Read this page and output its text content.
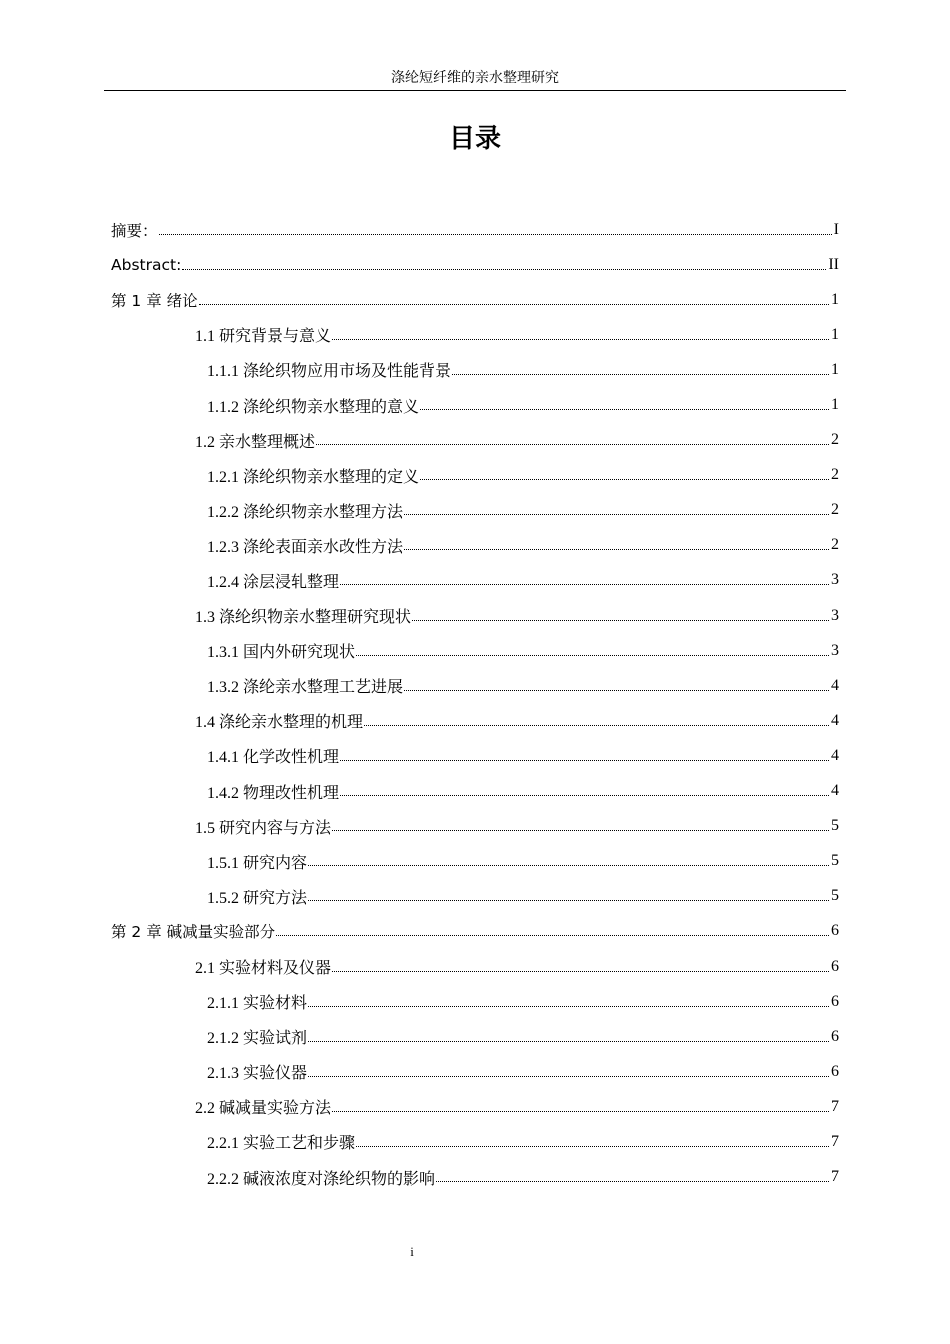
涤纶短纤维的亲水整理研究
目录
摘要：	I
Abstract:	II
第 1 章 绪论	1
1.1 研究背景与意义	1
1.1.1 涤纶织物应用市场及性能背景	1
1.1.2 涤纶织物亲水整理的意义	1
1.2 亲水整理概述	2
1.2.1 涤纶织物亲水整理的定义	2
1.2.2 涤纶织物亲水整理方法	2
1.2.3 涤纶表面亲水改性方法	2
1.2.4 涂层浸轧整理	3
1.3 涤纶织物亲水整理研究现状	3
1.3.1 国内外研究现状	3
1.3.2 涤纶亲水整理工艺进展	4
1.4 涤纶亲水整理的机理	4
1.4.1 化学改性机理	4
1.4.2 物理改性机理	4
1.5 研究内容与方法	5
1.5.1 研究内容	5
1.5.2 研究方法	5
第 2 章 碱减量实验部分	6
2.1 实验材料及仪器	6
2.1.1 实验材料	6
2.1.2 实验试剂	6
2.1.3 实验仪器	6
2.2 碱减量实验方法	7
2.2.1 实验工艺和步骤	7
2.2.2 碱液浓度对涤纶织物的影响	7
i
